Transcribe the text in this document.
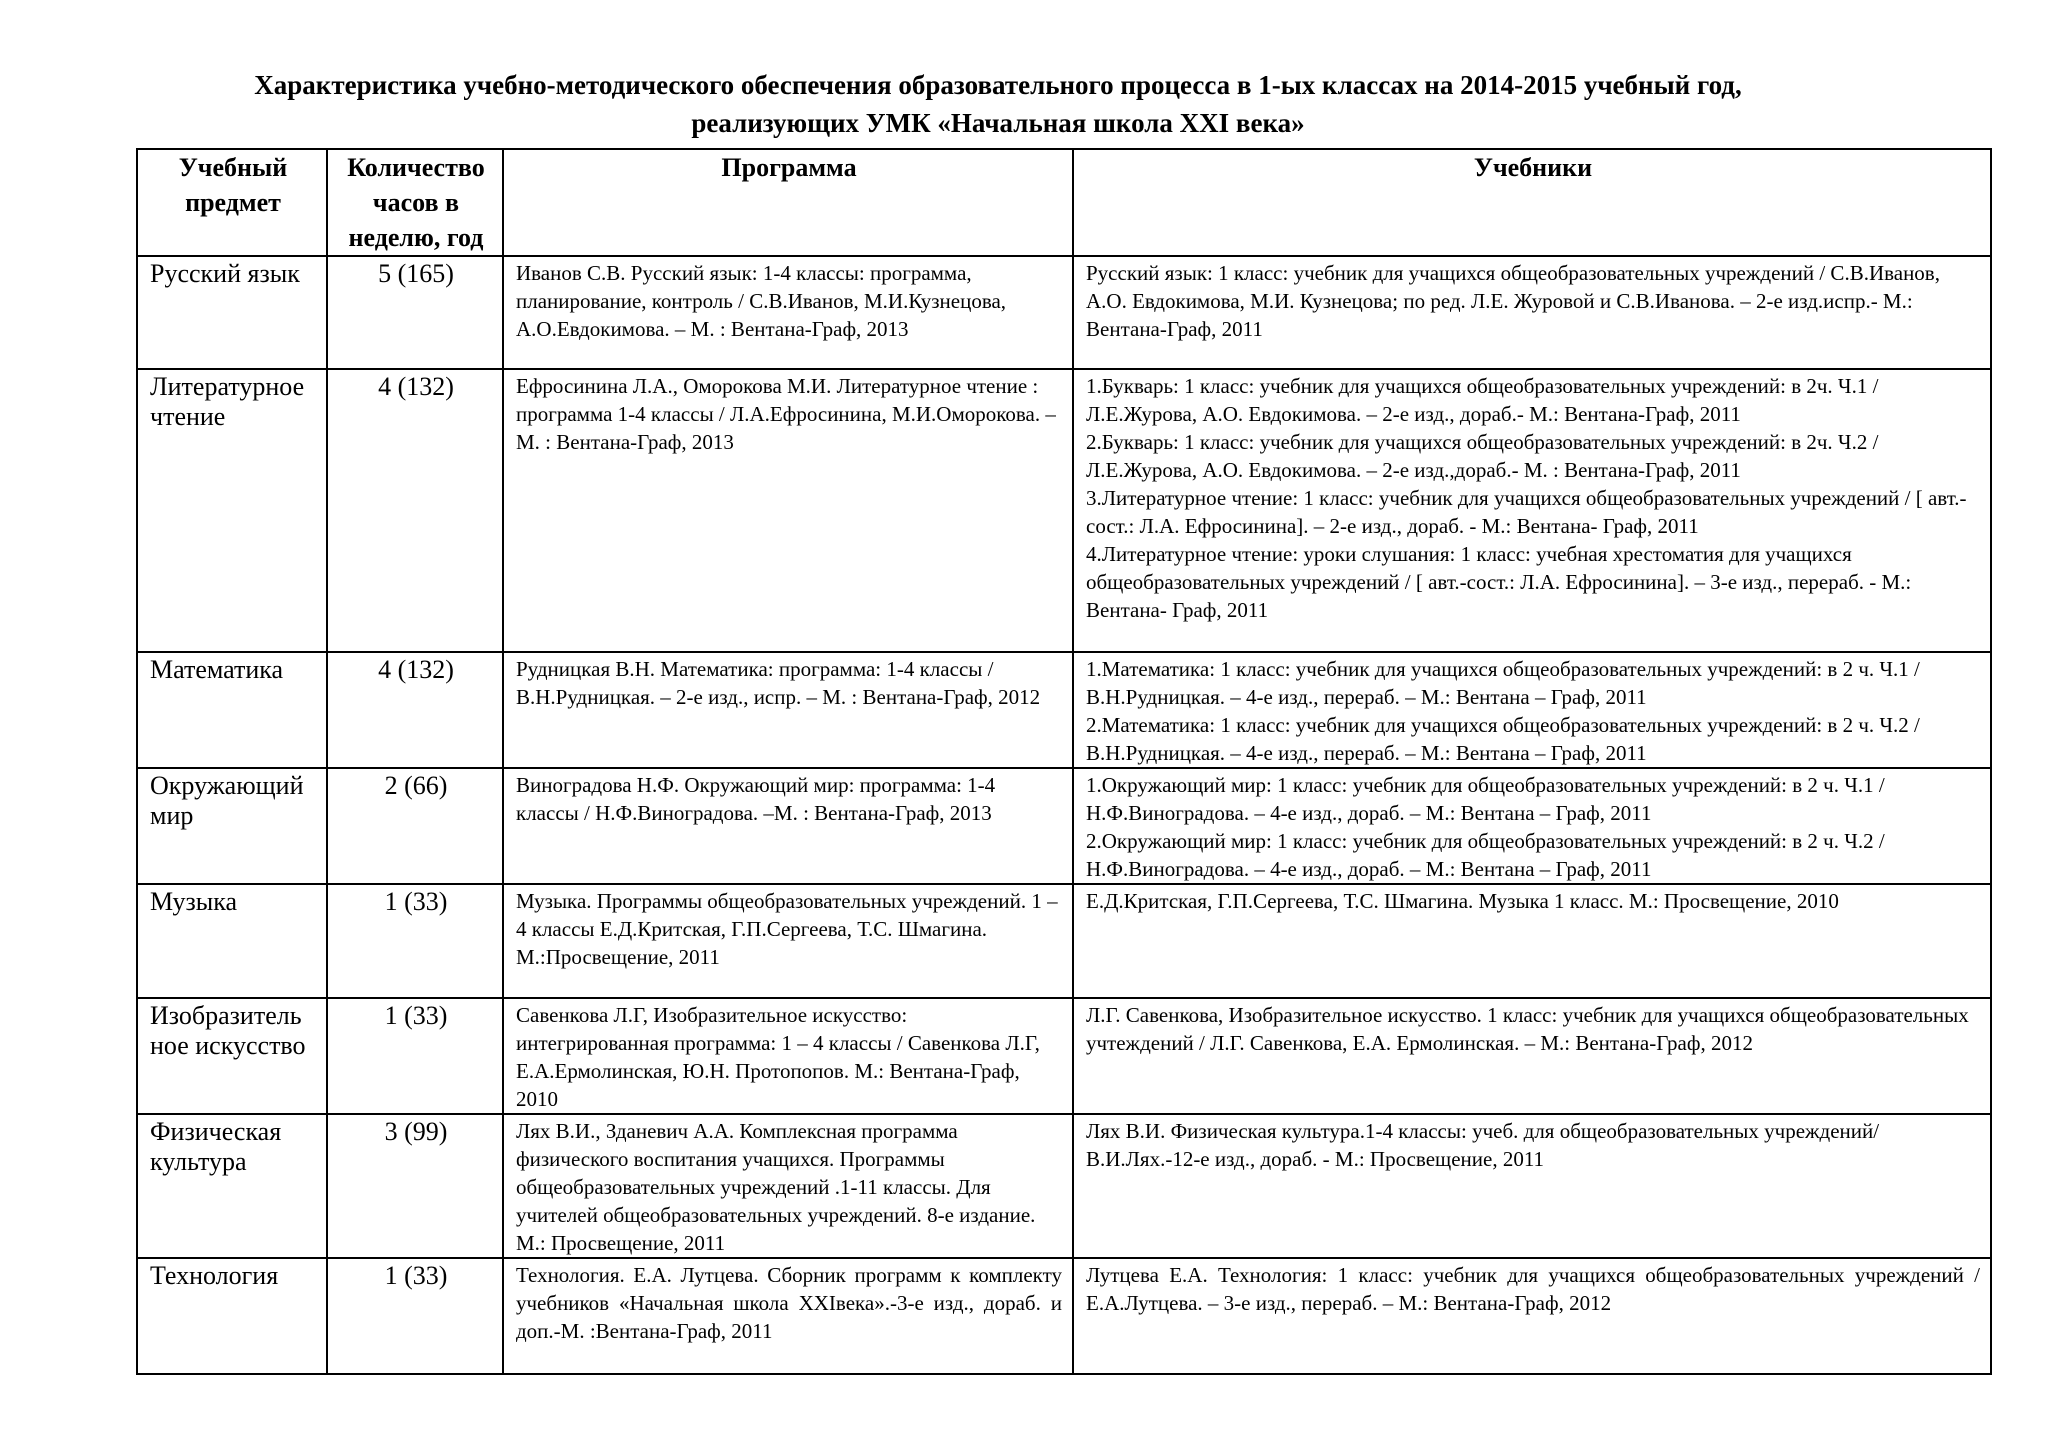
Характеристика учебно-методического обеспечения образовательного процесса в 1-ых классах на 2014-2015 учебный год,
реализующих УМК «Начальная школа XXI века»
Учебный предмет	Количество часов в неделю, год	Программа	Учебники
Русский язык	5 (165)	Иванов С.В. Русский язык: 1-4 классы: программа, планирование, контроль / С.В.Иванов, М.И.Кузнецова, А.О.Евдокимова. – М. : Вентана-Граф, 2013	Русский язык: 1 класс: учебник для учащихся общеобразовательных учреждений / С.В.Иванов, А.О. Евдокимова, М.И. Кузнецова; по ред. Л.Е. Журовой и С.В.Иванова. – 2-е изд.испр.- М.: Вентана-Граф, 2011

Литературное чтение	4 (132)	Ефросинина Л.А., Оморокова М.И. Литературное чтение : программа 1-4 классы / Л.А.Ефросинина, М.И.Оморокова. –М. : Вентана-Граф, 2013	1.Букварь: 1 класс: учебник для учащихся общеобразовательных учреждений: в 2ч. Ч.1 / Л.Е.Журова, А.О. Евдокимова. – 2-е изд., дораб.- М.: Вентана-Граф, 2011
2.Букварь: 1 класс: учебник для учащихся общеобразовательных учреждений: в 2ч. Ч.2 / Л.Е.Журова, А.О. Евдокимова. – 2-е изд.,дораб.- М. : Вентана-Граф, 2011
3.Литературное чтение: 1 класс: учебник для учащихся общеобразовательных учреждений / [ авт.-сост.: Л.А. Ефросинина]. – 2-е изд., дораб. - М.: Вентана- Граф, 2011
4.Литературное чтение: уроки слушания: 1 класс: учебная хрестоматия для учащихся общеобразовательных учреждений / [ авт.-сост.: Л.А. Ефросинина]. – 3-е изд., перераб. - М.: Вентана- Граф, 2011

Математика	4 (132)	Рудницкая В.Н. Математика: программа: 1-4 классы / В.Н.Рудницкая. – 2-е изд., испр. – М. : Вентана-Граф, 2012	1.Математика: 1 класс: учебник для учащихся общеобразовательных учреждений: в 2 ч. Ч.1 / В.Н.Рудницкая. – 4-е изд., перераб. – М.: Вентана – Граф, 2011
2.Математика: 1 класс: учебник для учащихся общеобразовательных учреждений: в 2 ч. Ч.2 / В.Н.Рудницкая. – 4-е изд., перераб. – М.: Вентана – Граф, 2011

Окружающий мир	2 (66)	Виноградова Н.Ф. Окружающий мир: программа: 1-4 классы / Н.Ф.Виноградова. –М. : Вентана-Граф, 2013	1.Окружающий мир: 1 класс: учебник для общеобразовательных учреждений: в 2 ч. Ч.1 /Н.Ф.Виноградова. – 4-е изд., дораб. – М.: Вентана – Граф, 2011
2.Окружающий мир: 1 класс: учебник для общеобразовательных учреждений: в 2 ч. Ч.2 /Н.Ф.Виноградова. – 4-е изд., дораб. – М.: Вентана – Граф, 2011

Музыка	1 (33)	Музыка. Программы общеобразовательных учреждений. 1 – 4 классы Е.Д.Критская, Г.П.Сергеева, Т.С. Шмагина. М.:Просвещение, 2011	Е.Д.Критская, Г.П.Сергеева, Т.С. Шмагина. Музыка 1 класс. М.: Просвещение, 2010

Изобразитель ное искусство	1 (33)	Савенкова Л.Г, Изобразительное искусство: интегрированная программа: 1 – 4 классы / Савенкова Л.Г, Е.А.Ермолинская, Ю.Н. Протопопов. М.: Вентана-Граф, 2010	Л.Г. Савенкова, Изобразительное искусство. 1 класс: учебник для учащихся общеобразовательных учтеждений / Л.Г. Савенкова, Е.А. Ермолинская. – М.: Вентана-Граф, 2012

Физическая культура	3 (99)	Лях В.И., Зданевич А.А. Комплексная программа физического воспитания учащихся. Программы общеобразовательных учреждений .1-11 классы. Для учителей общеобразовательных учреждений. 8-е издание. М.: Просвещение, 2011	Лях В.И. Физическая культура.1-4 классы: учеб. для общеобразовательных учреждений/В.И.Лях.-12-е изд., дораб. - М.: Просвещение, 2011

Технология	1 (33)	Технология. Е.А. Лутцева. Сборник программ к комплекту учебников «Начальная школа XXIвека».-3-е изд., дораб. и доп.-М. :Вентана-Граф, 2011	Лутцева Е.А. Технология: 1 класс: учебник для учащихся общеобразовательных учреждений / Е.А.Лутцева. – 3-е изд., перераб. – М.: Вентана-Граф, 2012
